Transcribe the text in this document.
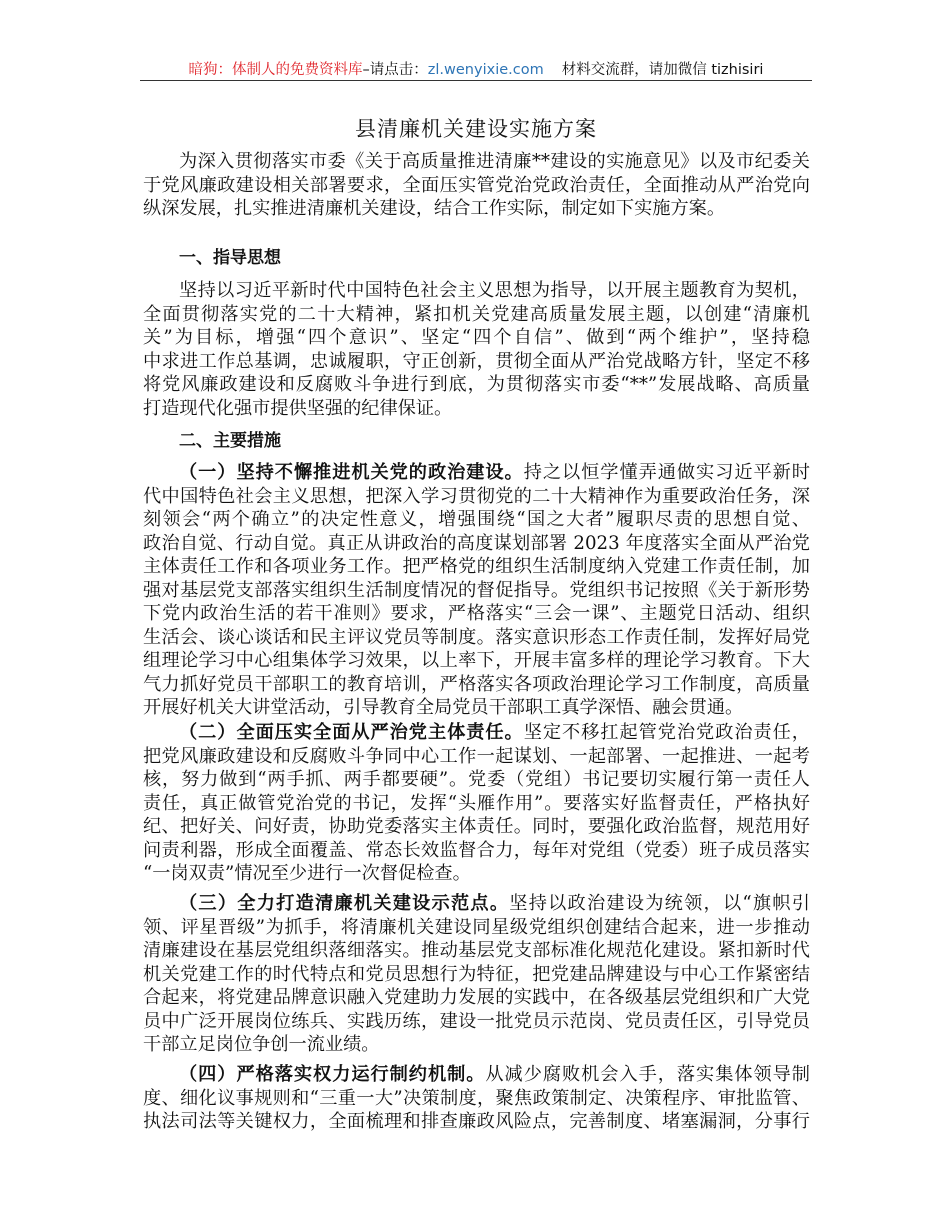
暗狗：体制人的免费资料库–请点击：zl.wenyixie.com 材料交流群，请加微信 tizhisiri
县清廉机关建设实施方案
为深入贯彻落实市委《关于高质量推进清廉**建设的实施意见》以及市纪委关
于党风廉政建设相关部署要求，全面压实管党治党政治责任，全面推动从严治党向
纵深发展，扎实推进清廉机关建设，结合工作实际，制定如下实施方案。
一、指导思想
坚持以习近平新时代中国特色社会主义思想为指导，以开展主题教育为契机，
全面贯彻落实党的二十大精神，紧扣机关党建高质量发展主题，以创建“清廉机
关”为目标，增强“四个意识”、坚定“四个自信”、做到“两个维护”，坚持稳
中求进工作总基调，忠诚履职，守正创新，贯彻全面从严治党战略方针，坚定不移
将党风廉政建设和反腐败斗争进行到底，为贯彻落实市委“**”发展战略、高质量
打造现代化强市提供坚强的纪律保证。
二、主要措施
（一）坚持不懈推进机关党的政治建设。持之以恒学懂弄通做实习近平新时
代中国特色社会主义思想，把深入学习贯彻党的二十大精神作为重要政治任务，深
刻领会“两个确立”的决定性意义，增强围绕“国之大者”履职尽责的思想自觉、
政治自觉、行动自觉。真正从讲政治的高度谋划部署 2023 年度落实全面从严治党
主体责任工作和各项业务工作。把严格党的组织生活制度纳入党建工作责任制，加
强对基层党支部落实组织生活制度情况的督促指导。党组织书记按照《关于新形势
下党内政治生活的若干准则》要求，严格落实“三会一课”、主题党日活动、组织
生活会、谈心谈话和民主评议党员等制度。落实意识形态工作责任制，发挥好局党
组理论学习中心组集体学习效果，以上率下，开展丰富多样的理论学习教育。下大
气力抓好党员干部职工的教育培训，严格落实各项政治理论学习工作制度，高质量
开展好机关大讲堂活动，引导教育全局党员干部职工真学深悟、融会贯通。
（二）全面压实全面从严治党主体责任。坚定不移扛起管党治党政治责任，
把党风廉政建设和反腐败斗争同中心工作一起谋划、一起部署、一起推进、一起考
核，努力做到“两手抓、两手都要硬”。党委（党组）书记要切实履行第一责任人
责任，真正做管党治党的书记，发挥“头雁作用”。要落实好监督责任，严格执好
纪、把好关、问好责，协助党委落实主体责任。同时，要强化政治监督，规范用好
问责利器，形成全面覆盖、常态长效监督合力，每年对党组（党委）班子成员落实
“一岗双责”情况至少进行一次督促检查。
（三）全力打造清廉机关建设示范点。坚持以政治建设为统领，以“旗帜引
领、评星晋级”为抓手，将清廉机关建设同星级党组织创建结合起来，进一步推动
清廉建设在基层党组织落细落实。推动基层党支部标准化规范化建设。紧扣新时代
机关党建工作的时代特点和党员思想行为特征，把党建品牌建设与中心工作紧密结
合起来，将党建品牌意识融入党建助力发展的实践中，在各级基层党组织和广大党
员中广泛开展岗位练兵、实践历练，建设一批党员示范岗、党员责任区，引导党员
干部立足岗位争创一流业绩。
（四）严格落实权力运行制约机制。从减少腐败机会入手，落实集体领导制
度、细化议事规则和“三重一大”决策制度，聚焦政策制定、决策程序、审批监管、
执法司法等关键权力，全面梳理和排查廉政风险点，完善制度、堵塞漏洞，分事行
